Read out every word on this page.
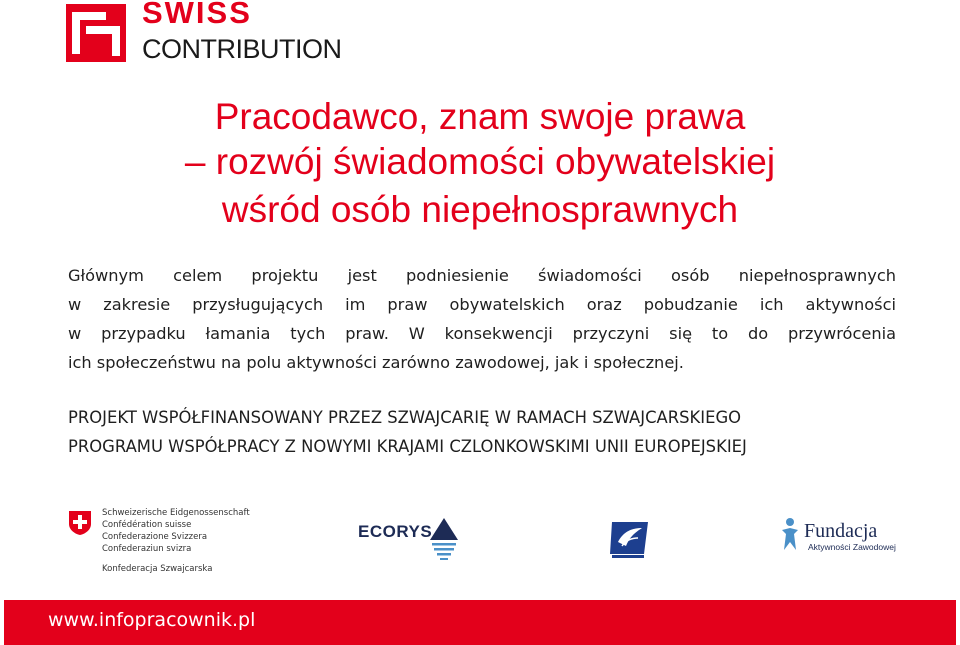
SWISS
CONTRIBUTION
Pracodawco, znam swoje prawa
– rozwój świadomości obywatelskiej
wśród osób niepełnosprawnych
Głównym celem projektu jest podniesienie świadomości osób niepełnosprawnych
w zakresie przysługujących im praw obywatelskich oraz pobudzanie ich aktywności
w przypadku łamania tych praw. W konsekwencji przyczyni się to do przywrócenia
ich społeczeństwu na polu aktywności zarówno zawodowej, jak i społecznej.
PROJEKT WSPÓŁFINANSOWANY PRZEZ SZWAJCARIĘ W RAMACH SZWAJCARSKIEGO
PROGRAMU WSPÓŁPRACY Z NOWYMI KRAJAMI CZLONKOWSKIMI UNII EUROPEJSKIEJ
Schweizerische Eidgenossenschaft
Confédération suisse
Confederazione Svizzera
Confederaziun svizra
Konfederacja Szwajcarska
ECORYS	Fundacja
Aktywności Zawodowej
www.infopracownik.pl
